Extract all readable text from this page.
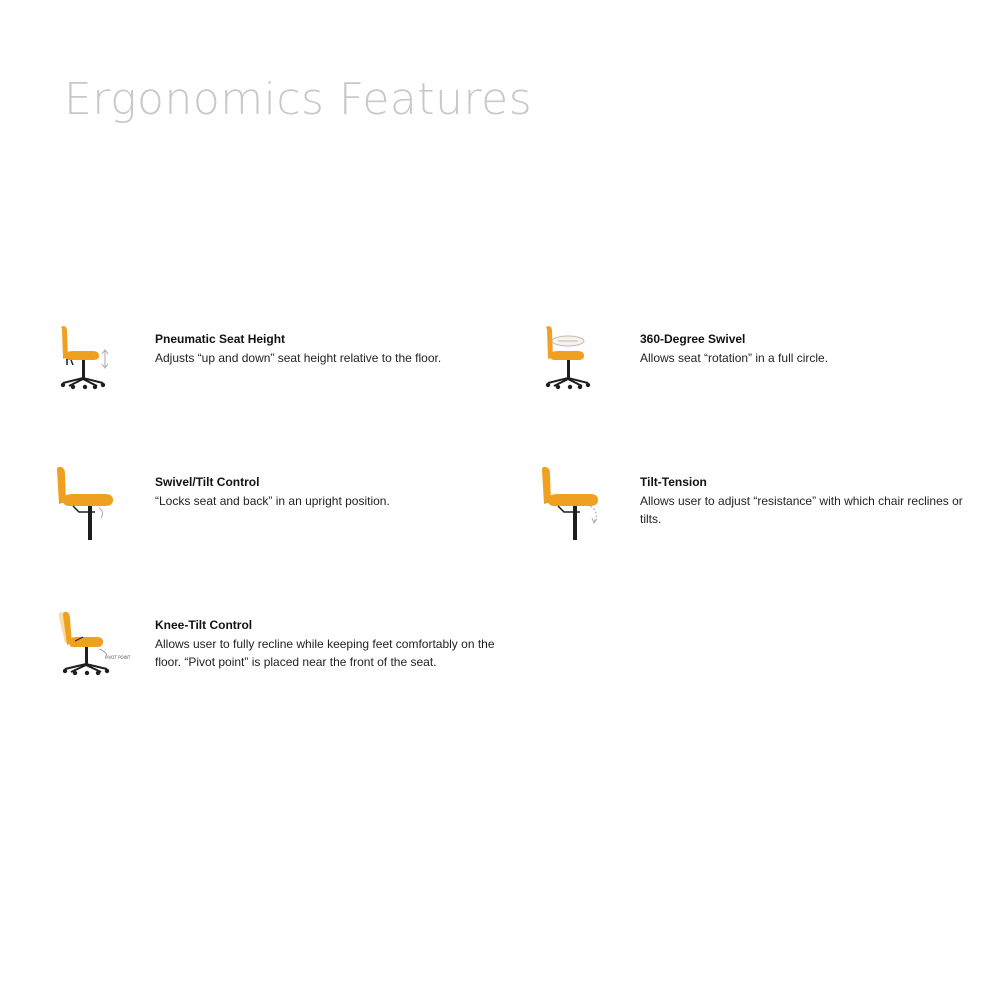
Ergonomics Features
Pneumatic Seat Height

Adjusts “up and down” seat height relative to the floor.

360-Degree Swivel

Allows seat “rotation” in a full circle.

Swivel/Tilt Control

“Locks seat and back” in an upright position.

Tilt-Tension

Allows user to adjust “resistance” with which chair reclines or tilts.

PIVOT POINT
Knee-Tilt Control

Allows user to fully recline while keeping feet comfortably on the floor. “Pivot point” is placed near the front of the seat.
